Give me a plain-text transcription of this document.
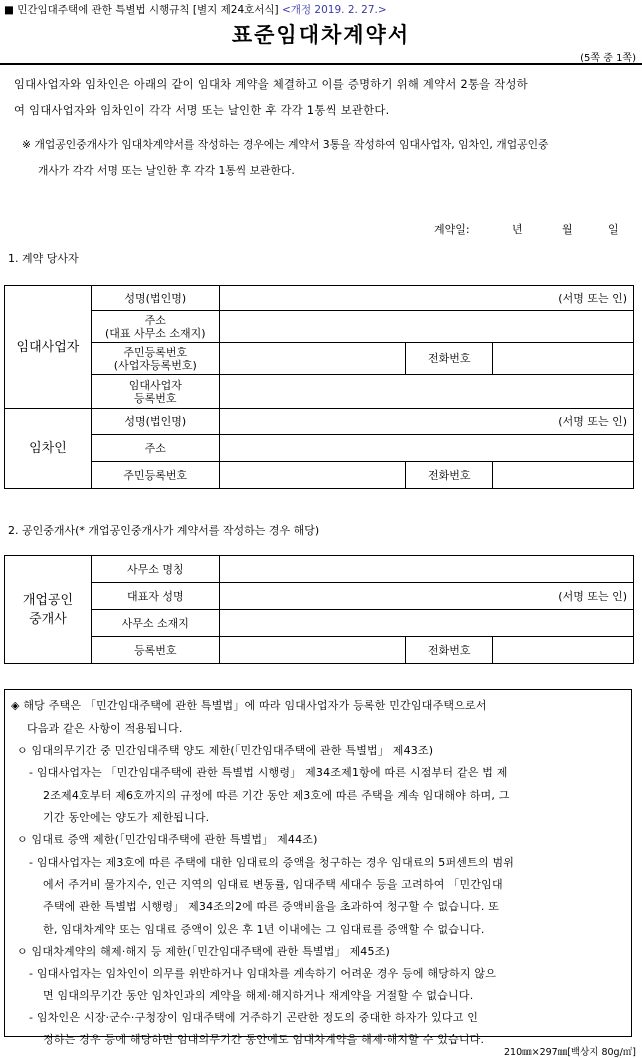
■ 민간임대주택에 관한 특별법 시행규칙 [별지 제24호서식] <개정 2019. 2. 27.>
표준임대차계약서
(5쪽 중 1쪽)

임대사업자와 임차인은 아래의 같이 임대차 계약을 체결하고 이를 증명하기 위해 계약서 2통을 작성하

여 임대사업자와 임차인이 각각 서명 또는 날인한 후 각각 1통씩 보관한다.

※ 개업공인중개사가 임대차계약서를 작성하는 경우에는 계약서 3통을 작성하여 임대사업자, 임차인, 개업공인중
개사가 각각 서명 또는 날인한 후 각각 1통씩 보관한다.
계약일:	년	월	일
1. 계약 당사자
임대사업자	성명(법인명)	(서명 또는 인)		

	주소
(대표 사무소 소재지)			

	주민등록번호
(사업자등록번호)		전화번호	

	임대사업자
등록번호			

임차인	성명(법인명)	(서명 또는 인)		
	주소			
	주민등록번호		전화번호	
2. 공인중개사(* 개업공인중개사가 계약서를 작성하는 경우 해당)
개업공인
중개사	사무소 명칭			
	대표자 성명	(서명 또는 인)		
	사무소 소재지			
	등록번호		전화번호	
◈ 해당 주택은 「민간임대주택에 관한 특별법」에 따라 임대사업자가 등록한 민간임대주택으로서
다음과 같은 사항이 적용됩니다.
ㅇ 임대의무기간 중 민간임대주택 양도 제한(「민간임대주택에 관한 특별법」 제43조)
- 임대사업자는 「민간임대주택에 관한 특별법 시행령」 제34조제1항에 따른 시점부터 같은 법 제
2조제4호부터 제6호까지의 규정에 따른 기간 동안 제3호에 따른 주택을 계속 임대해야 하며, 그
기간 동안에는 양도가 제한됩니다.
ㅇ 임대료 증액 제한(「민간임대주택에 관한 특별법」 제44조)
- 임대사업자는 제3호에 따른 주택에 대한 임대료의 증액을 청구하는 경우 임대료의 5퍼센트의 범위
에서 주거비 물가지수, 인근 지역의 임대료 변동률, 임대주택 세대수 등을 고려하여 「민간임대
주택에 관한 특별법 시행령」 제34조의2에 따른 증액비율을 초과하여 청구할 수 없습니다. 또
한, 임대차계약 또는 임대료 증액이 있은 후 1년 이내에는 그 임대료를 증액할 수 없습니다.
ㅇ 임대차계약의 해제·해지 등 제한(「민간임대주택에 관한 특별법」 제45조)
- 임대사업자는 임차인이 의무를 위반하거나 임대차를 계속하기 어려운 경우 등에 해당하지 않으
면 임대의무기간 동안 임차인과의 계약을 해제·해지하거나 재계약을 거절할 수 없습니다.
- 임차인은 시장·군수·구청장이 임대주택에 거주하기 곤란한 정도의 중대한 하자가 있다고 인
정하는 경우 등에 해당하면 임대의무기간 동안에도 임대차계약을 해제·해지할 수 있습니다.
210㎜×297㎜[백상지 80g/㎡]
